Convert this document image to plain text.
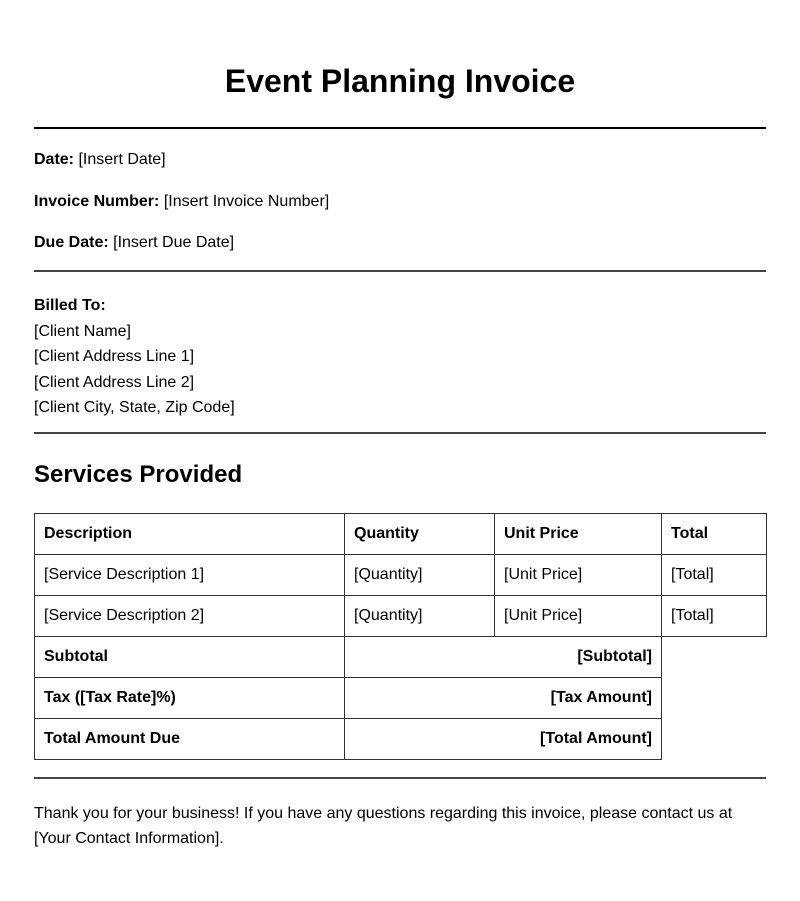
Event Planning Invoice
Date: [Insert Date]
Invoice Number: [Insert Invoice Number]
Due Date: [Insert Due Date]
Billed To:
[Client Name]
[Client Address Line 1]
[Client Address Line 2]
[Client City, State, Zip Code]
Services Provided
Description	Quantity	Unit Price	Total
[Service Description 1]	[Quantity]	[Unit Price]	[Total]
[Service Description 2]	[Quantity]	[Unit Price]	[Total]
Subtotal	[Subtotal]		
Tax ([Tax Rate]%)	[Tax Amount]		
Total Amount Due	[Total Amount]		
Thank you for your business! If you have any questions regarding this invoice, please contact us at [Your Contact Information].
